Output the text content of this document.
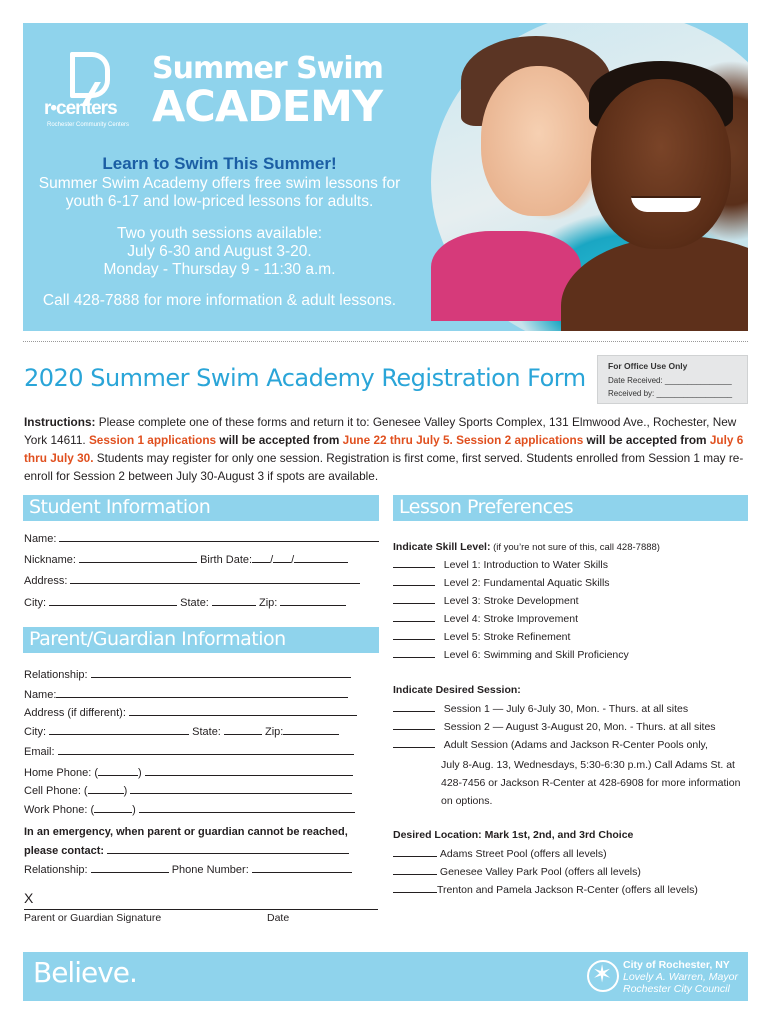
r•centers
Rochester Community Centers
Summer Swim
ACADEMY
Learn to Swim This Summer!
Summer Swim Academy offers free swim lessons for youth 6-17 and low-priced lessons for adults.
Two youth sessions available:
July 6-30 and August 3-20.
Monday - Thursday 9 - 11:30 a.m.
Call 428-7888 for more information & adult lessons.
2020 Summer Swim Academy Registration Form	For Office Use Only
Date Received: _______________
Received by: _________________
Instructions: Please complete one of these forms and return it to: Genesee Valley Sports Complex, 131 Elmwood Ave., Rochester, New York 14611. Session 1 applications will be accepted from June 22 thru July 5. Session 2 applications will be accepted from July 6 thru July 30. Students may register for only one session. Registration is first come, first served. Students enrolled from Session 1 may re-enroll for Session 2 between July 30-August 3 if spots are available.
Student Information
Name:
Nickname:	Birth Date: / /
Address:
City:	State:	Zip:
Parent/Guardian Information
Relationship:
Name:
Address (if different):
City:	State:	Zip:
Email:
Home Phone: (	)
Cell Phone: (	)
Work Phone: (	)
In an emergency, when parent or guardian cannot be reached,
please contact:
Relationship:	Phone Number:
X
Parent or Guardian Signature	Date
Lesson Preferences
Indicate Skill Level: (if you’re not sure of this, call 428-7888)
Level 1: Introduction to Water Skills
Level 2: Fundamental Aquatic Skills
Level 3: Stroke Development
Level 4: Stroke Improvement
Level 5: Stroke Refinement
Level 6: Swimming and Skill Proficiency
Indicate Desired Session:
Session 1 — July 6-July 30, Mon. - Thurs. at all sites
Session 2 — August 3-August 20, Mon. - Thurs. at all sites
Adult Session (Adams and Jackson R-Center Pools only,
July 8-Aug. 13, Wednesdays, 5:30-6:30 p.m.) Call Adams St. at
428-7456 or Jackson R-Center at 428-6908 for more information
on options.
Desired Location: Mark 1st, 2nd, and 3rd Choice
Adams Street Pool (offers all levels)
Genesee Valley Park Pool (offers all levels)
Trenton and Pamela Jackson R-Center (offers all levels)
Believe.
✶	City of Rochester, NY
Lovely A. Warren, Mayor
Rochester City Council
